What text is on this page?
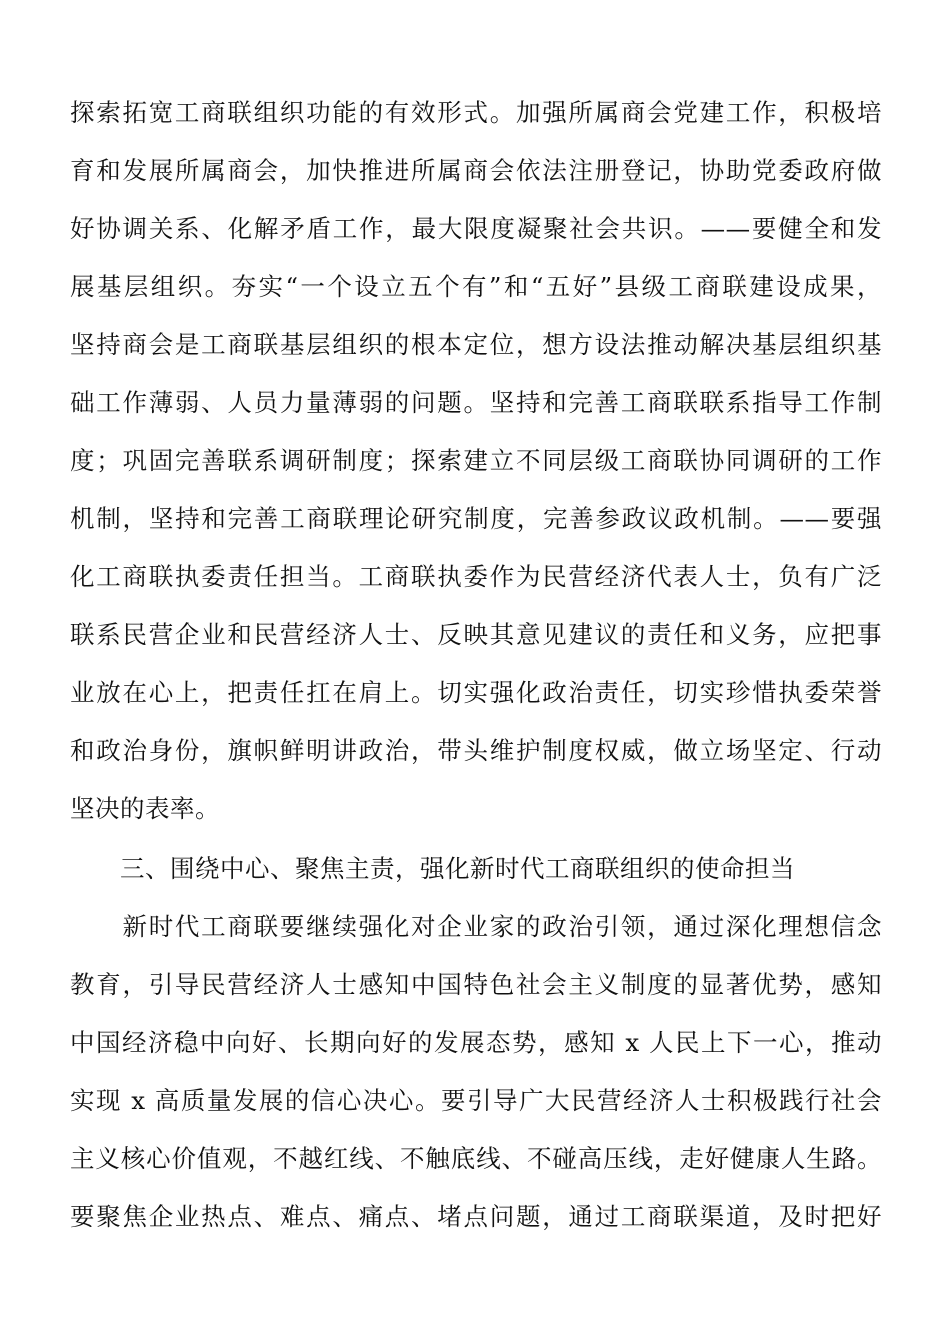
探索拓宽工商联组织功能的有效形式。加强所属商会党建工作，积极培
育和发展所属商会，加快推进所属商会依法注册登记，协助党委政府做
好协调关系、化解矛盾工作，最大限度凝聚社会共识。——要健全和发
展基层组织。夯实“一个设立五个有”和“五好”县级工商联建设成果，
坚持商会是工商联基层组织的根本定位，想方设法推动解决基层组织基
础工作薄弱、人员力量薄弱的问题。坚持和完善工商联联系指导工作制
度；巩固完善联系调研制度；探索建立不同层级工商联协同调研的工作
机制，坚持和完善工商联理论研究制度，完善参政议政机制。——要强
化工商联执委责任担当。工商联执委作为民营经济代表人士，负有广泛
联系民营企业和民营经济人士、反映其意见建议的责任和义务，应把事
业放在心上，把责任扛在肩上。切实强化政治责任，切实珍惜执委荣誉
和政治身份，旗帜鲜明讲政治，带头维护制度权威，做立场坚定、行动
坚决的表率。
三、围绕中心、聚焦主责，强化新时代工商联组织的使命担当
　　新时代工商联要继续强化对企业家的政治引领，通过深化理想信念
教育，引导民营经济人士感知中国特色社会主义制度的显著优势，感知
中国经济稳中向好、长期向好的发展态势，感知 x 人民上下一心，推动
实现 x 高质量发展的信心决心。要引导广大民营经济人士积极践行社会
主义核心价值观，不越红线、不触底线、不碰高压线，走好健康人生路。
要聚焦企业热点、难点、痛点、堵点问题，通过工商联渠道，及时把好
